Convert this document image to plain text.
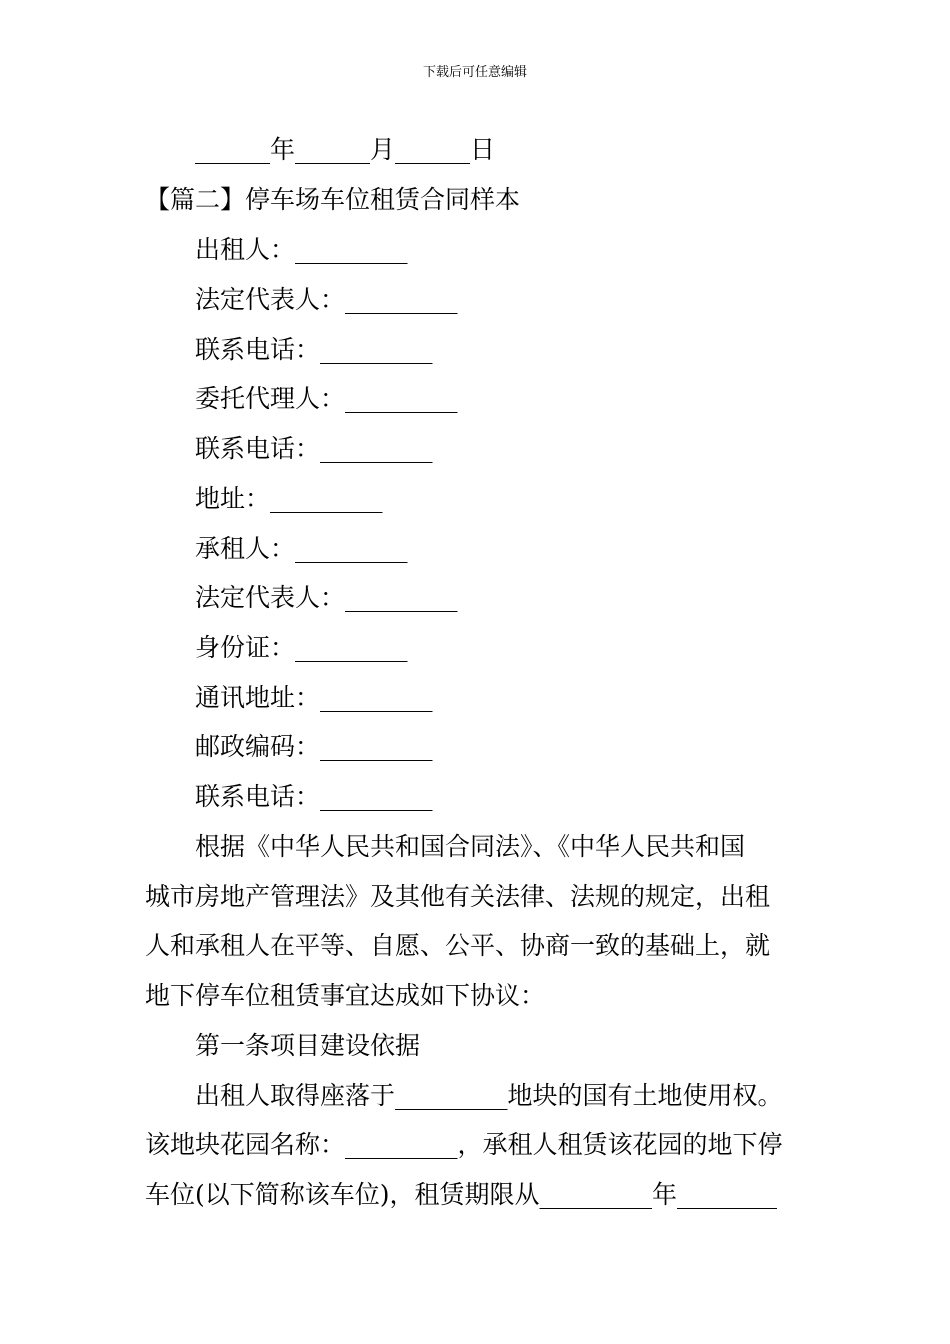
下载后可任意编辑
______年______月______日
【篇二】停车场车位租赁合同样本
出租人：_________
法定代表人：_________
联系电话：_________
委托代理人：_________
联系电话：_________
地址：_________
承租人：_________
法定代表人：_________
身份证：_________
通讯地址：_________
邮政编码：_________
联系电话：_________
根据《中华人民共和国合同法》、《中华人民共和国
城市房地产管理法》及其他有关法律、法规的规定，出租
人和承租人在平等、自愿、公平、协商一致的基础上，就
地下停车位租赁事宜达成如下协议：
第一条项目建设依据
出租人取得座落于_________地块的国有土地使用权。
该地块花园名称：_________，承租人租赁该花园的地下停
车位(以下简称该车位)，租赁期限从_________年________
